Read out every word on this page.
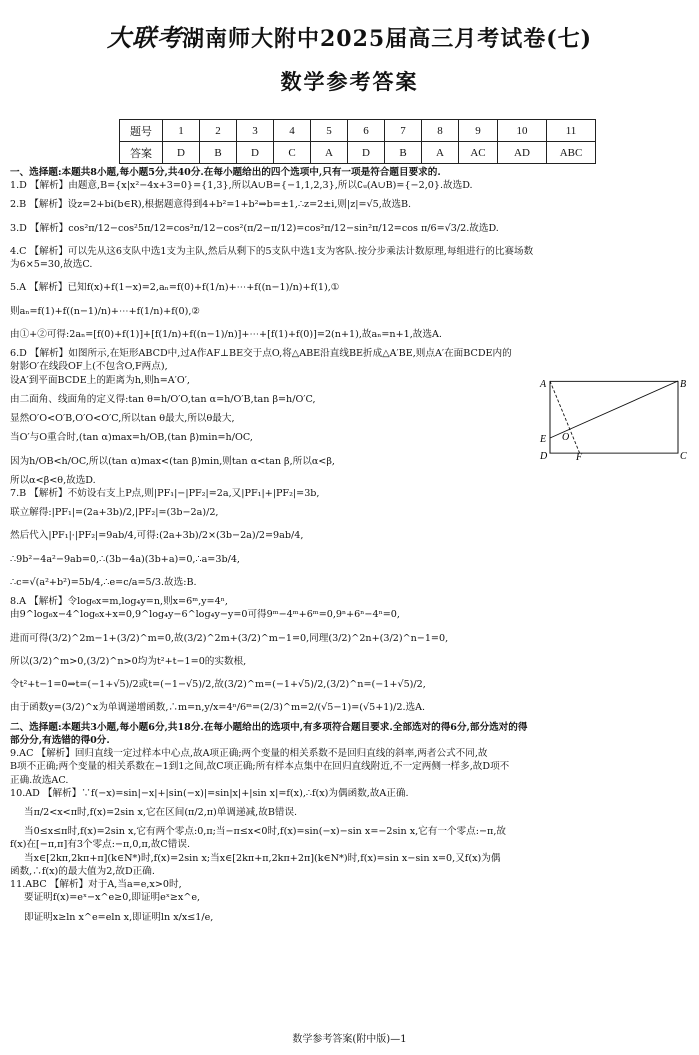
大联考湖南师大附中2025届高三月考试卷(七)
数学参考答案
题号	1	2	3	4	5	6	7	8	9	10	11
答案	D	B	D	C	A	D	B	A	AC	AD	ABC

一、选择题:本题共8小题,每小题5分,共40分.在每小题给出的四个选项中,只有一项是符合题目要求的.

1.D 【解析】由题意,B={x|x²−4x+3=0}={1,3},所以A∪B={−1,1,2,3},所以∁ᵤ(A∪B)={−2,0}.故选D.

2.B 【解析】设z=2+bi(b∈R),根据题意得到4+b²=1+b²⇒b=±1,∴z=2±i,则|z|=√5,故选B.

3.D 【解析】cos²π/12−cos²5π/12=cos²π/12−cos²(π/2−π/12)=cos²π/12−sin²π/12=cos π/6=√3/2.故选D.

4.C 【解析】可以先从这6支队中选1支为主队,然后从剩下的5支队中选1支为客队.按分步乘法计数原理,每组进行的比赛场数

为6×5=30,故选C.

5.A 【解析】已知f(x)+f(1−x)=2,aₙ=f(0)+f(1/n)+⋯+f((n−1)/n)+f(1),①

则aₙ=f(1)+f((n−1)/n)+⋯+f(1/n)+f(0),②

由①+②可得:2aₙ=[f(0)+f(1)]+[f(1/n)+f((n−1)/n)]+⋯+[f(1)+f(0)]=2(n+1),故aₙ=n+1,故选A.

6.D 【解析】如图所示,在矩形ABCD中,过A作AF⊥BE交于点O,将△ABE沿直线BE折成△A′BE,则点A′在面BCDE内的

射影O′在线段OF上(不包含O,F两点),

设A′到平面BCDE上的距离为h,则h=A′O′,

由二面角、线面角的定义得:tan θ=h/O′O,tan α=h/O′B,tan β=h/O′C,

显然O′O<O′B,O′O<O′C,所以tan θ最大,所以θ最大,

当O′与O重合时,(tan α)max=h/OB,(tan β)min=h/OC,

因为h/OB<h/OC,所以(tan α)max<(tan β)min,则tan α<tan β,所以α<β,

所以α<β<θ,故选D.

7.B 【解析】不妨设右支上P点,则|PF₁|−|PF₂|=2a,又|PF₁|+|PF₂|=3b,

联立解得:|PF₁|=(2a+3b)/2,|PF₂|=(3b−2a)/2,

然后代入|PF₁|·|PF₂|=9ab/4,可得:(2a+3b)/2×(3b−2a)/2=9ab/4,

∴9b²−4a²−9ab=0,∴(3b−4a)(3b+a)=0,∴a=3b/4,

∴c=√(a²+b²)=5b/4,∴e=c/a=5/3.故选:B.

8.A 【解析】令log₆x=m,log₄y=n,则x=6ᵐ,y=4ⁿ,

由9^log₆x−4^log₆x+x=0,9^log₄y−6^log₄y−y=0可得9ᵐ−4ᵐ+6ᵐ=0,9ⁿ+6ⁿ−4ⁿ=0,

进而可得(3/2)^2m−1+(3/2)^m=0,故(3/2)^2m+(3/2)^m−1=0,同理(3/2)^2n+(3/2)^n−1=0,

所以(3/2)^m>0,(3/2)^n>0均为t²+t−1=0的实数根,

令t²+t−1=0⇒t=(−1+√5)/2或t=(−1−√5)/2,故(3/2)^m=(−1+√5)/2,(3/2)^n=(−1+√5)/2,

由于函数y=(3/2)^x为单调递增函数,∴m=n,y/x=4ⁿ/6ᵐ=(2/3)^m=2/(√5−1)=(√5+1)/2.选A.

二、选择题:本题共3小题,每小题6分,共18分.在每小题给出的选项中,有多项符合题目要求.全部选对的得6分,部分选对的得

部分分,有选错的得0分.

9.AC 【解析】回归直线一定过样本中心点,故A项正确;两个变量的相关系数不是回归直线的斜率,两者公式不同,故

B项不正确;两个变量的相关系数在−1到1之间,故C项正确;所有样本点集中在回归直线附近,不一定两侧一样多,故D项不

正确.故选AC.

10.AD 【解析】∵f(−x)=sin|−x|+|sin(−x)|=sin|x|+|sin x|=f(x),∴f(x)为偶函数,故A正确.

当π/2<x<π时,f(x)=2sin x,它在区间(π/2,π)单调递减,故B错误.

当0≤x≤π时,f(x)=2sin x,它有两个零点:0,π;当−π≤x<0时,f(x)=sin(−x)−sin x=−2sin x,它有一个零点:−π,故

f(x)在[−π,π]有3个零点:−π,0,π,故C错误.

当x∈[2kπ,2kπ+π](k∈N*)时,f(x)=2sin x;当x∈[2kπ+π,2kπ+2π](k∈N*)时,f(x)=sin x−sin x=0,又f(x)为偶

函数,∴f(x)的最大值为2,故D正确.

11.ABC 【解析】对于A,当a=e,x>0时,

要证明f(x)=eˣ−x^e≥0,即证明eˣ≥x^e,

即证明x≥ln x^e=eln x,即证明ln x/x≤1/e,

A	B
C
D
E O
F
数学参考答案(附中版)—1
